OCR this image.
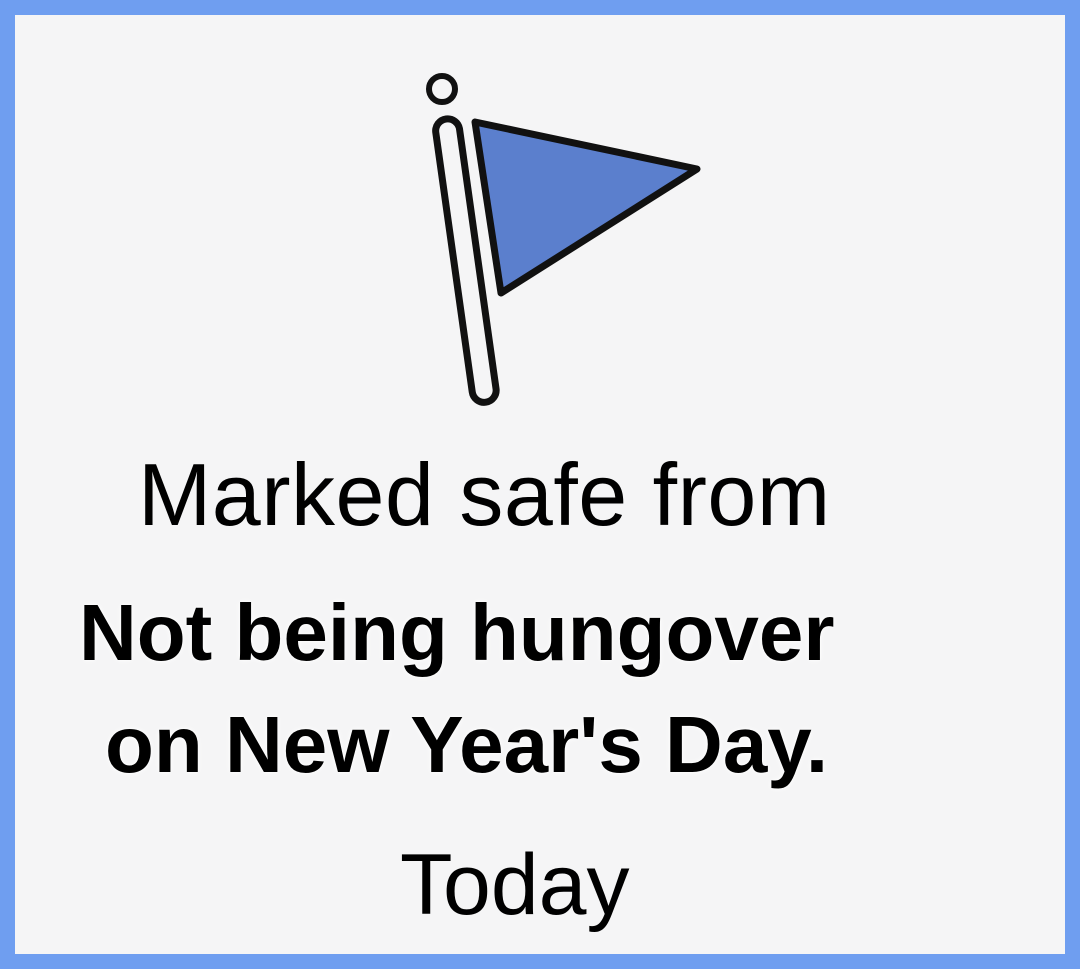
Marked safe from
Not being hungover
on New Year's Day.
Today
